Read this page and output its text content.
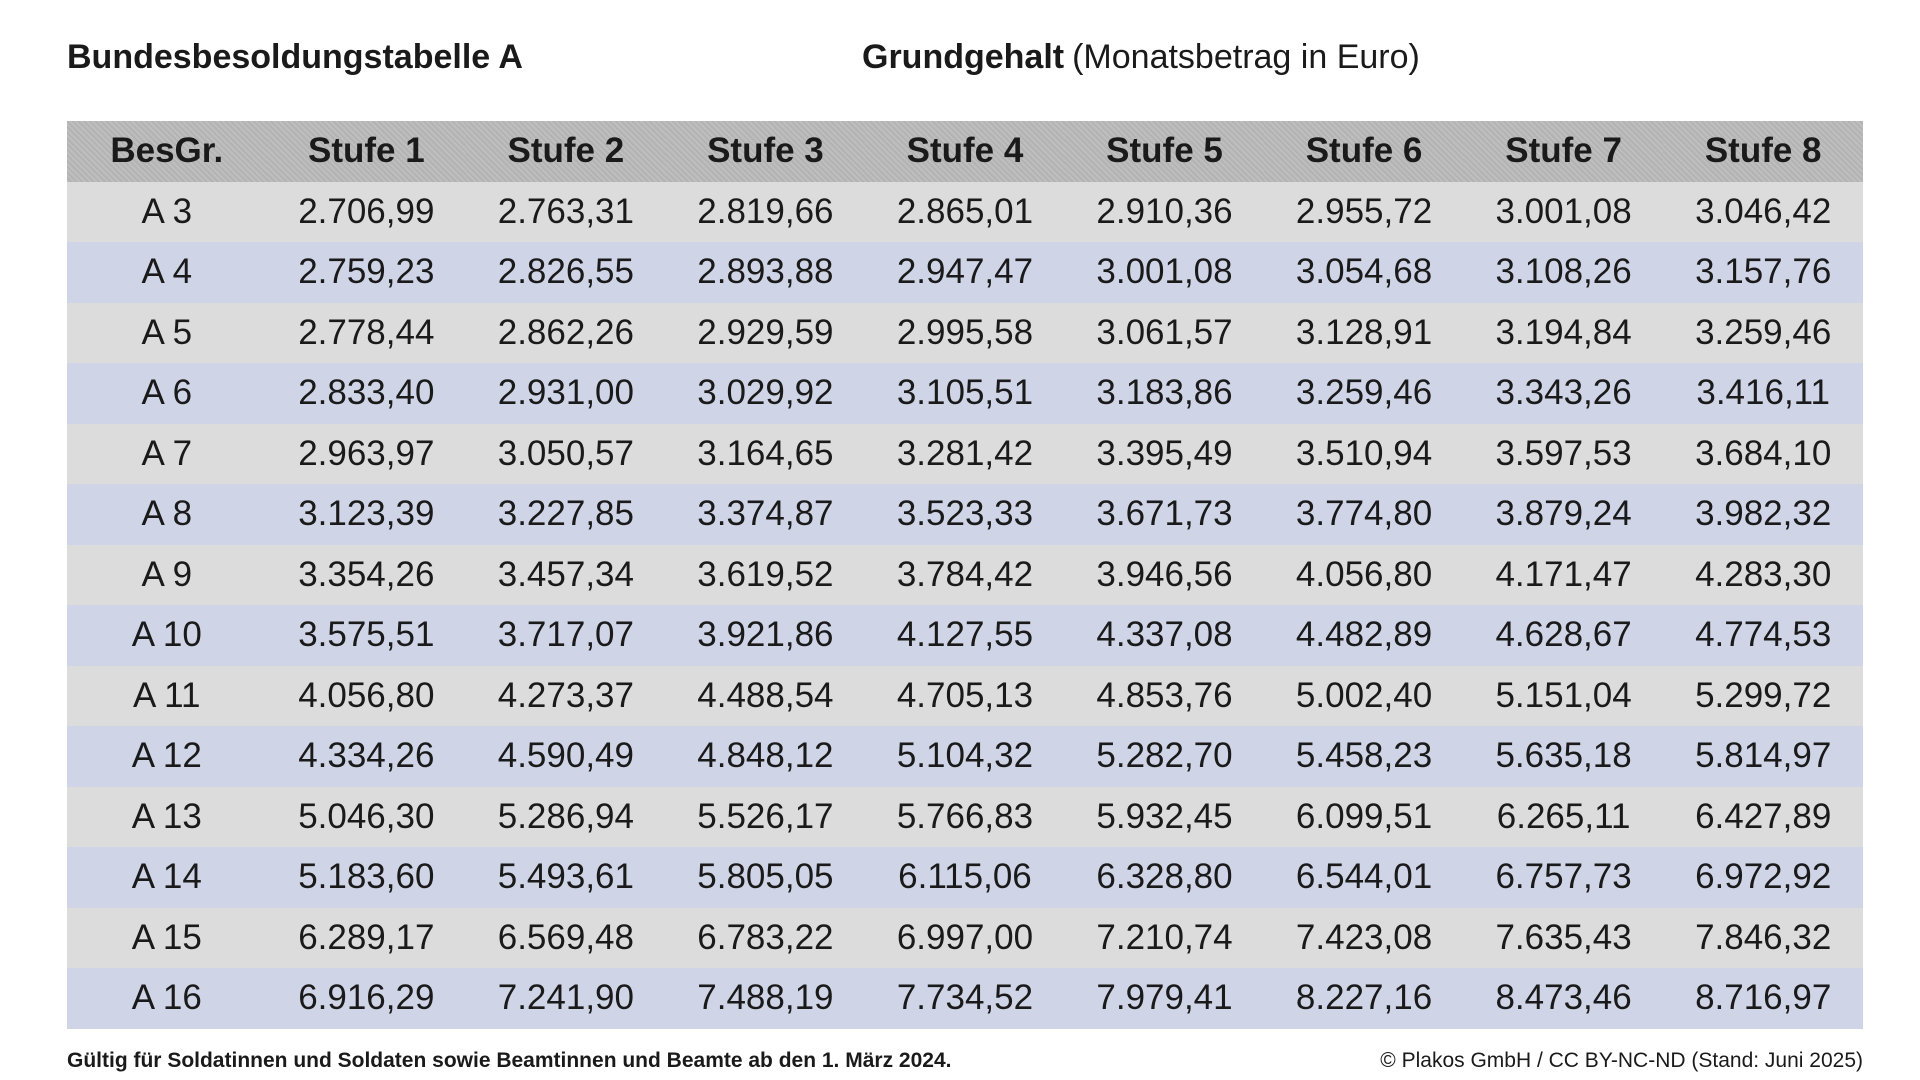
Bundesbesoldungstabelle A	Grundgehalt (Monatsbetrag in Euro)
BesGr.	Stufe 1	Stufe 2	Stufe 3	Stufe 4	Stufe 5	Stufe 6	Stufe 7	Stufe 8
A 3	2.706,99	2.763,31	2.819,66	2.865,01	2.910,36	2.955,72	3.001,08	3.046,42
A 4	2.759,23	2.826,55	2.893,88	2.947,47	3.001,08	3.054,68	3.108,26	3.157,76
A 5	2.778,44	2.862,26	2.929,59	2.995,58	3.061,57	3.128,91	3.194,84	3.259,46
A 6	2.833,40	2.931,00	3.029,92	3.105,51	3.183,86	3.259,46	3.343,26	3.416,11
A 7	2.963,97	3.050,57	3.164,65	3.281,42	3.395,49	3.510,94	3.597,53	3.684,10
A 8	3.123,39	3.227,85	3.374,87	3.523,33	3.671,73	3.774,80	3.879,24	3.982,32
A 9	3.354,26	3.457,34	3.619,52	3.784,42	3.946,56	4.056,80	4.171,47	4.283,30
A 10	3.575,51	3.717,07	3.921,86	4.127,55	4.337,08	4.482,89	4.628,67	4.774,53
A 11	4.056,80	4.273,37	4.488,54	4.705,13	4.853,76	5.002,40	5.151,04	5.299,72
A 12	4.334,26	4.590,49	4.848,12	5.104,32	5.282,70	5.458,23	5.635,18	5.814,97
A 13	5.046,30	5.286,94	5.526,17	5.766,83	5.932,45	6.099,51	6.265,11	6.427,89
A 14	5.183,60	5.493,61	5.805,05	6.115,06	6.328,80	6.544,01	6.757,73	6.972,92
A 15	6.289,17	6.569,48	6.783,22	6.997,00	7.210,74	7.423,08	7.635,43	7.846,32
A 16	6.916,29	7.241,90	7.488,19	7.734,52	7.979,41	8.227,16	8.473,46	8.716,97
Gültig für Soldatinnen und Soldaten sowie Beamtinnen und Beamte ab den 1. März 2024.	© Plakos GmbH / CC BY-NC-ND (Stand: Juni 2025)
